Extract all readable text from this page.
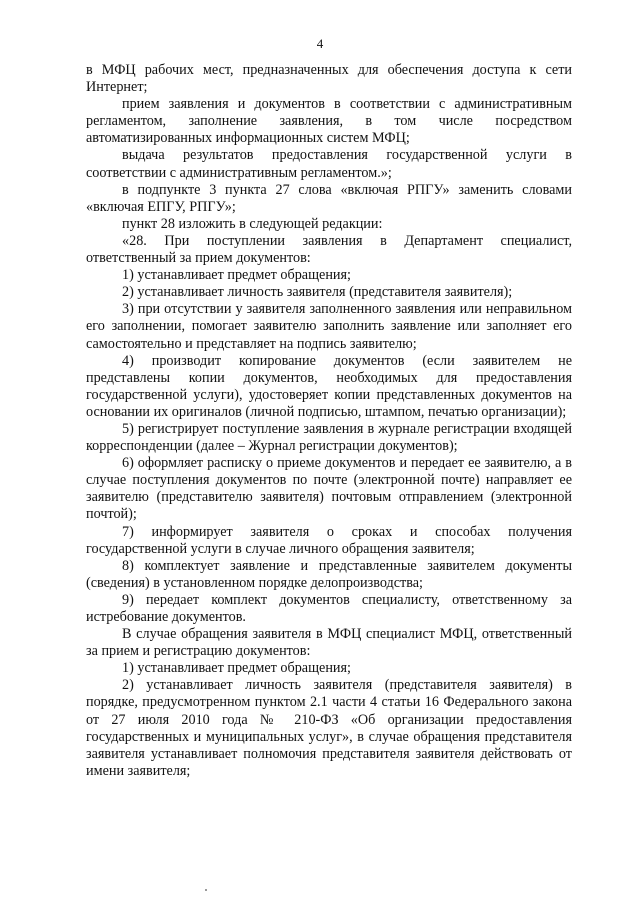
4

в МФЦ рабочих мест, предназначенных для обеспечения доступа к сети Интернет;

прием заявления и документов в соответствии с административным регламентом, заполнение заявления, в том числе посредством автоматизированных информационных систем МФЦ;

выдача результатов предоставления государственной услуги в соответствии с административным регламентом.»;

в подпункте 3 пункта 27 слова «включая РПГУ» заменить словами «включая ЕПГУ, РПГУ»;

пункт 28 изложить в следующей редакции:

«28. При поступлении заявления в Департамент специалист, ответственный за прием документов:

1) устанавливает предмет обращения;

2) устанавливает личность заявителя (представителя заявителя);

3) при отсутствии у заявителя заполненного заявления или неправильном его заполнении, помогает заявителю заполнить заявление или заполняет его самостоятельно и представляет на подпись заявителю;

4) производит копирование документов (если заявителем не представлены копии документов, необходимых для предоставления государственной услуги), удостоверяет копии представленных документов на основании их оригиналов (личной подписью, штампом, печатью организации);

5) регистрирует поступление заявления в журнале регистрации входящей корреспонденции (далее – Журнал регистрации документов);

6) оформляет расписку о приеме документов и передает ее заявителю, а в случае поступления документов по почте (электронной почте) направляет ее заявителю (представителю заявителя) почтовым отправлением (электронной почтой);

7) информирует заявителя о сроках и способах получения государственной услуги в случае личного обращения заявителя;

8) комплектует заявление и представленные заявителем документы (сведения) в установленном порядке делопроизводства;

9) передает комплект документов специалисту, ответственному за истребование документов.

В случае обращения заявителя в МФЦ специалист МФЦ, ответственный за прием и регистрацию документов:

1) устанавливает предмет обращения;

2) устанавливает личность заявителя (представителя заявителя) в порядке, предусмотренном пунктом 2.1 части 4 статьи 16 Федерального закона от 27 июля 2010 года № 210-ФЗ «Об организации предоставления государственных и муниципальных услуг», в случае обращения представителя заявителя устанавливает полномочия представителя заявителя действовать от имени заявителя;
